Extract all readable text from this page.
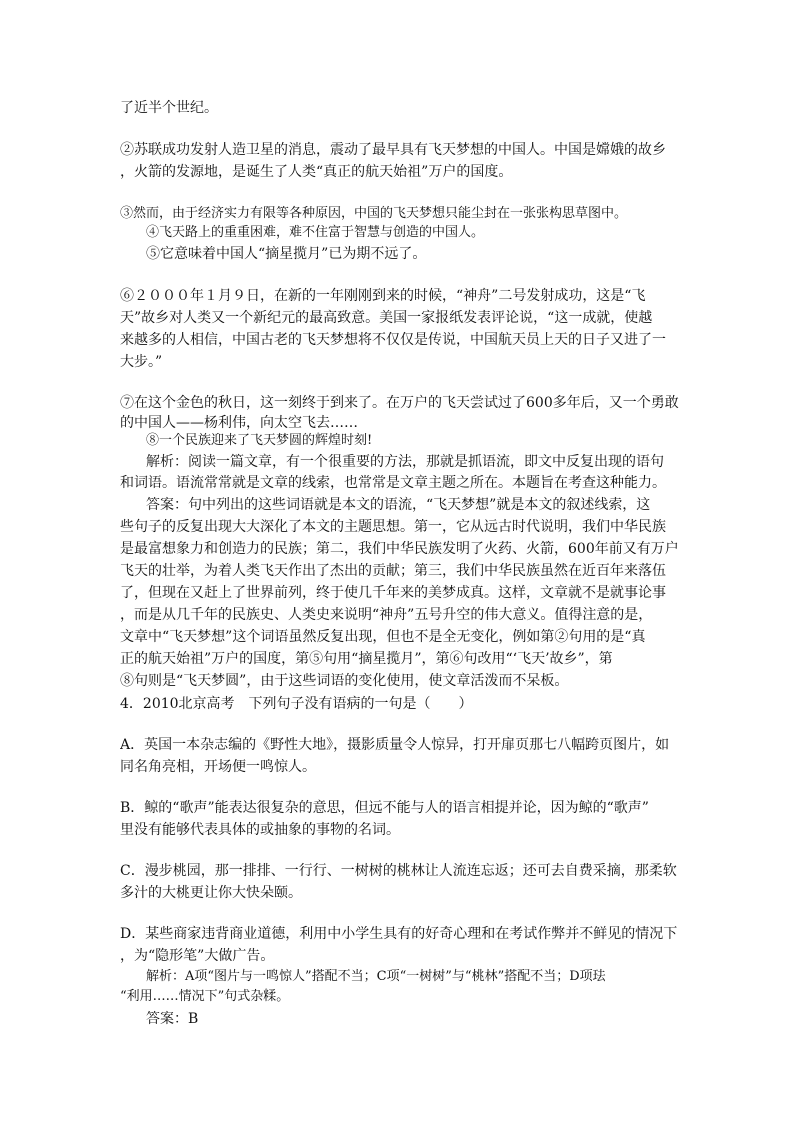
了近半个世纪。
②苏联成功发射人造卫星的消息，震动了最早具有飞天梦想的中国人。中国是嫦娥的故乡
，火箭的发源地，是诞生了人类“真正的航天始祖”万户的国度。
③然而，由于经济实力有限等各种原因，中国的飞天梦想只能尘封在一张张构思草图中。
④飞天路上的重重困难，难不住富于智慧与创造的中国人。
⑤它意味着中国人“摘星揽月”已为期不远了。
⑥２０００年１月９日，在新的一年刚刚到来的时候，“神舟”二号发射成功，这是“飞
天”故乡对人类又一个新纪元的最高致意。美国一家报纸发表评论说，“这一成就，使越
来越多的人相信，中国古老的飞天梦想将不仅仅是传说，中国航天员上天的日子又进了一
大步。”
⑦在这个金色的秋日，这一刻终于到来了。在万户的飞天尝试过了600多年后，又一个勇敢
的中国人——杨利伟，向太空飞去……
⑧一个民族迎来了飞天梦圆的辉煌时刻!
解析：阅读一篇文章，有一个很重要的方法，那就是抓语流，即文中反复出现的语句
和词语。语流常常就是文章的线索，也常常是文章主题之所在。本题旨在考查这种能力。
答案：句中列出的这些词语就是本文的语流，“飞天梦想”就是本文的叙述线索，这
些句子的反复出现大大深化了本文的主题思想。第一，它从远古时代说明，我们中华民族
是最富想象力和创造力的民族；第二，我们中华民族发明了火药、火箭，600年前又有万户
飞天的壮举，为着人类飞天作出了杰出的贡献；第三，我们中华民族虽然在近百年来落伍
了，但现在又赶上了世界前列，终于使几千年来的美梦成真。这样，文章就不是就事论事
，而是从几千年的民族史、人类史来说明“神舟”五号升空的伟大意义。值得注意的是，
文章中“飞天梦想”这个词语虽然反复出现，但也不是全无变化，例如第②句用的是“真
正的航天始祖”万户的国度，第⑤句用“摘星揽月”，第⑥句改用“‘飞天’故乡”，第
⑧句则是“飞天梦圆”，由于这些词语的变化使用，使文章活泼而不呆板。
4．2010北京高考　下列句子没有语病的一句是（　　）
A．英国一本杂志编的《野性大地》，摄影质量令人惊异，打开扉页那七八幅跨页图片，如
同名角亮相，开场便一鸣惊人。
B．鲸的“歌声”能表达很复杂的意思，但远不能与人的语言相提并论，因为鲸的“歌声”
里没有能够代表具体的或抽象的事物的名词。
C．漫步桃园，那一排排、一行行、一树树的桃林让人流连忘返；还可去自费采摘，那柔软
多汁的大桃更让你大快朵颐。
D．某些商家违背商业道德，利用中小学生具有的好奇心理和在考试作弊并不鲜见的情况下
，为“隐形笔”大做广告。
解析：A项“图片与一鸣惊人”搭配不当；C项“一树树”与“桃林”搭配不当；D项珐
“利用……情况下”句式杂糅。
答案：B
